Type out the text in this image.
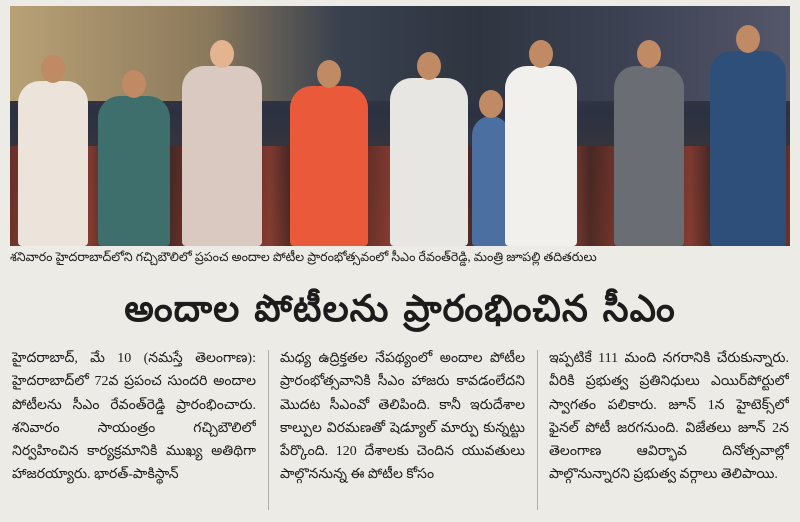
శనివారం హైదరాబాద్‌లోని గచ్చిబౌలిలో ప్రపంచ అందాల పోటీల ప్రారంభోత్సవంలో సీఎం రేవంత్‌రెడ్డి, మంత్రి జూపల్లి తదితరులు
అందాల పోటీలను ప్రారంభించిన సీఎం
హైదరాబాద్, మే 10 (నమస్తే తెలంగాణ): హైదరాబాద్‌లో 72వ ప్రపంచ సుందరి అందాల పోటీలను సీఎం రేవంత్‌రెడ్డి ప్రారంభించారు. శనివారం సాయంత్రం గచ్చిబౌలిలో నిర్వహించిన కార్యక్రమానికి ముఖ్య అతిథిగా హాజరయ్యారు. భారత్-పాకిస్థాన్
మధ్య ఉద్రిక్తతల నేపథ్యంలో అందాల పోటీల ప్రారంభోత్సవానికి సీఎం హాజరు కావడంలేదని మొదట సీఎంవో తెలిపింది. కానీ ఇరుదేశాల కాల్పుల విరమణతో షెడ్యూల్ మార్పు కున్నట్టు పేర్కొంది. 120 దేశాలకు చెందిన యువతులు పాల్గొననున్న ఈ పోటీల కోసం
ఇప్పటికే 111 మంది నగరానికి చేరుకున్నారు. వీరికి ప్రభుత్వ ప్రతినిధులు ఎయిర్‌పోర్టులో స్వాగతం పలికారు. జూన్ 1న హైటెక్స్‌లో ఫైనల్ పోటీ జరగనుంది. విజేతలు జూన్ 2న తెలంగాణ ఆవిర్భావ దినోత్సవాల్లో పాల్గొనున్నారని ప్రభుత్వ వర్గాలు తెలిపాయి.
